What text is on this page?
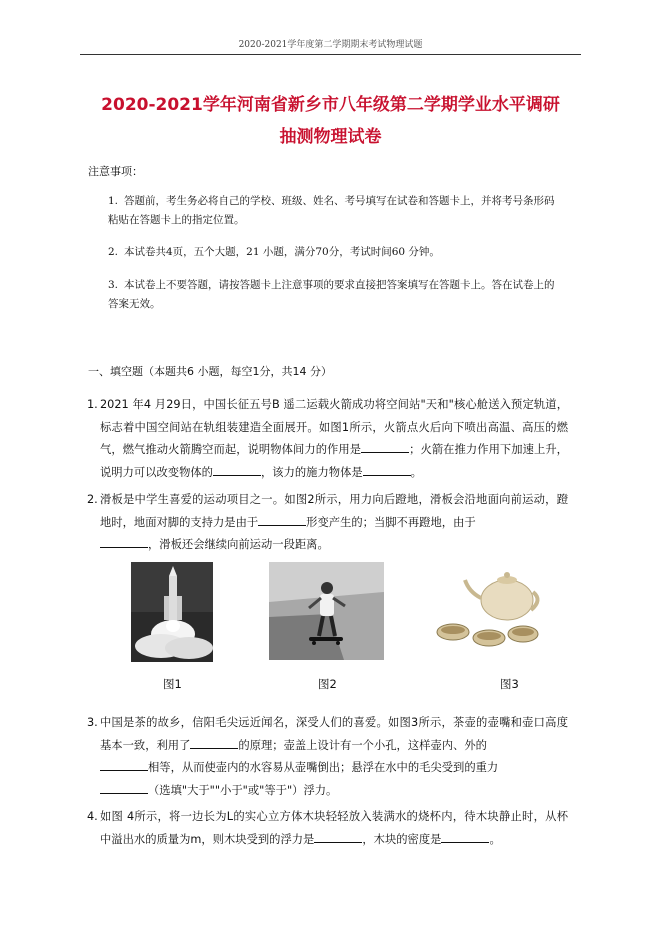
2020-2021学年度第二学期期末考试物理试题
2020-2021学年河南省新乡市八年级第二学期学业水平调研
抽测物理试卷
注意事项：
1. 答题前，考生务必将自己的学校、班级、姓名、考号填写在试卷和答题卡上，并将考号条形码粘贴在答题卡上的指定位置。
2. 本试卷共4页，五个大题，21 小题，满分70分，考试时间60 分钟。
3. 本试卷上不要答题，请按答题卡上注意事项的要求直接把答案填写在答题卡上。答在试卷上的答案无效。
一、填空题（本题共6 小题，每空1分，共14 分）
1. 2021 年4 月29日，中国长征五号B 遥二运载火箭成功将空间站"天和"核心舱送入预定轨道，标志着中国空间站在轨组装建造全面展开。如图1所示，火箭点火后向下喷出高温、高压的燃气，燃气推动火箭腾空而起，说明物体间力的作用是	；火箭在推力作用下加速上升，说明力可以改变物体的	，该力的施力物体是	。
2. 滑板是中学生喜爱的运动项目之一。如图2所示，用力向后蹬地，滑板会沿地面向前运动，蹬地时，地面对脚的支持力是由于	形变产生的；当脚不再蹬地，由于
，滑板还会继续向前运动一段距离。
图1	图2	图3
3. 中国是茶的故乡，信阳毛尖远近闻名，深受人们的喜爱。如图3所示，茶壶的壶嘴和壶口高度基本一致，利用了	的原理；壶盖上设计有一个小孔，这样壶内、外的
相等，从而使壶内的水容易从壶嘴倒出；悬浮在水中的毛尖受到的重力
（选填"大于""小于"或"等于"）浮力。
4. 如图 4所示，将一边长为L的实心立方体木块轻轻放入装满水的烧杯内，待木块静止时，从杯中溢出水的质量为m，则木块受到的浮力是	，木块的密度是	。
